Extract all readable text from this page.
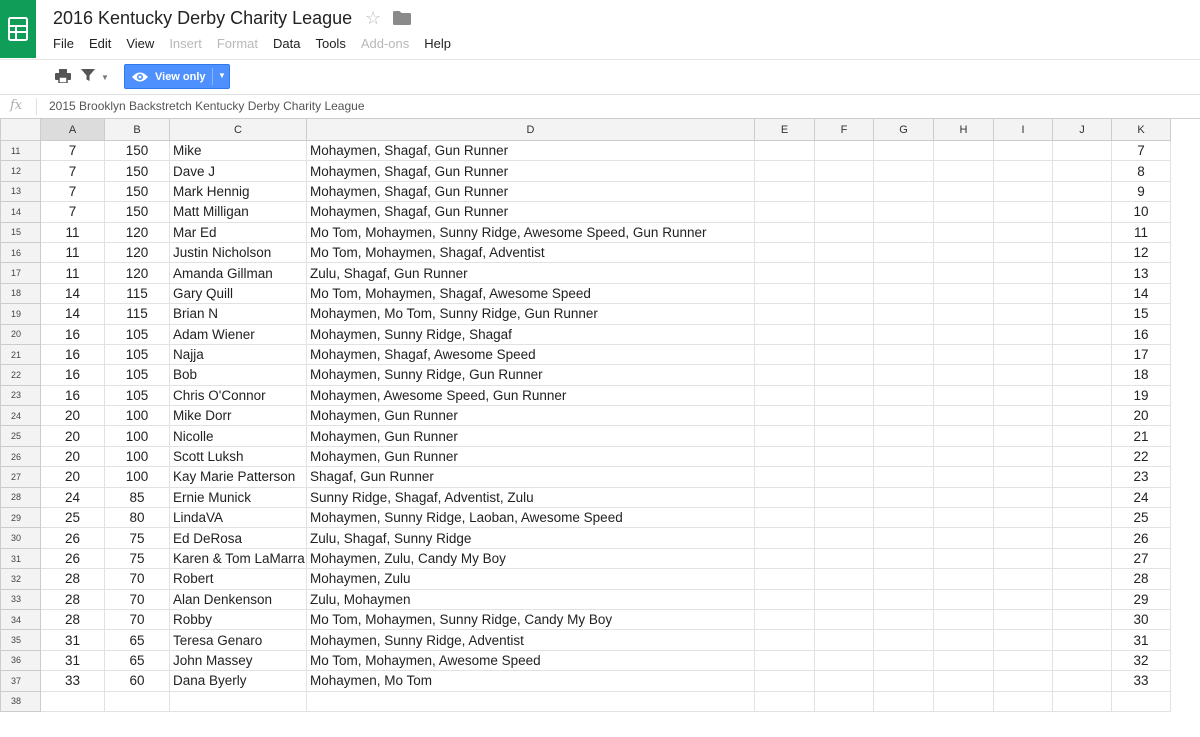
2016 Kentucky Derby Charity League ☆
File Edit View Insert Format Data Tools Add-ons Help
▼	View only ▼
fx 2015 Brooklyn Backstretch Kentucky Derby Charity League
	A	B	C	D	E	F	G	H	I	J	K
11	7	150	Mike	Mohaymen, Shagaf, Gun Runner							7
12	7	150	Dave J	Mohaymen, Shagaf, Gun Runner							8
13	7	150	Mark Hennig	Mohaymen, Shagaf, Gun Runner							9
14	7	150	Matt Milligan	Mohaymen, Shagaf, Gun Runner							10
15	11	120	Mar Ed	Mo Tom, Mohaymen, Sunny Ridge, Awesome Speed, Gun Runner							11
16	11	120	Justin Nicholson	Mo Tom, Mohaymen, Shagaf, Adventist							12
17	11	120	Amanda Gillman	Zulu, Shagaf, Gun Runner							13
18	14	115	Gary Quill	Mo Tom, Mohaymen, Shagaf, Awesome Speed							14
19	14	115	Brian N	Mohaymen, Mo Tom, Sunny Ridge, Gun Runner							15
20	16	105	Adam Wiener	Mohaymen, Sunny Ridge, Shagaf							16
21	16	105	Najja	Mohaymen, Shagaf, Awesome Speed							17
22	16	105	Bob	Mohaymen, Sunny Ridge, Gun Runner							18
23	16	105	Chris O'Connor	Mohaymen, Awesome Speed, Gun Runner							19
24	20	100	Mike Dorr	Mohaymen, Gun Runner							20
25	20	100	Nicolle	Mohaymen, Gun Runner							21
26	20	100	Scott Luksh	Mohaymen, Gun Runner							22
27	20	100	Kay Marie Patterson	Shagaf, Gun Runner							23
28	24	85	Ernie Munick	Sunny Ridge, Shagaf, Adventist, Zulu							24
29	25	80	LindaVA	Mohaymen, Sunny Ridge, Laoban, Awesome Speed							25
30	26	75	Ed DeRosa	Zulu, Shagaf, Sunny Ridge							26
31	26	75	Karen & Tom LaMarra	Mohaymen, Zulu, Candy My Boy							27
32	28	70	Robert	Mohaymen, Zulu							28
33	28	70	Alan Denkenson	Zulu, Mohaymen							29
34	28	70	Robby	Mo Tom, Mohaymen, Sunny Ridge, Candy My Boy							30
35	31	65	Teresa Genaro	Mohaymen, Sunny Ridge, Adventist							31
36	31	65	John Massey	Mo Tom, Mohaymen, Awesome Speed							32
37	33	60	Dana Byerly	Mohaymen, Mo Tom							33
38											
